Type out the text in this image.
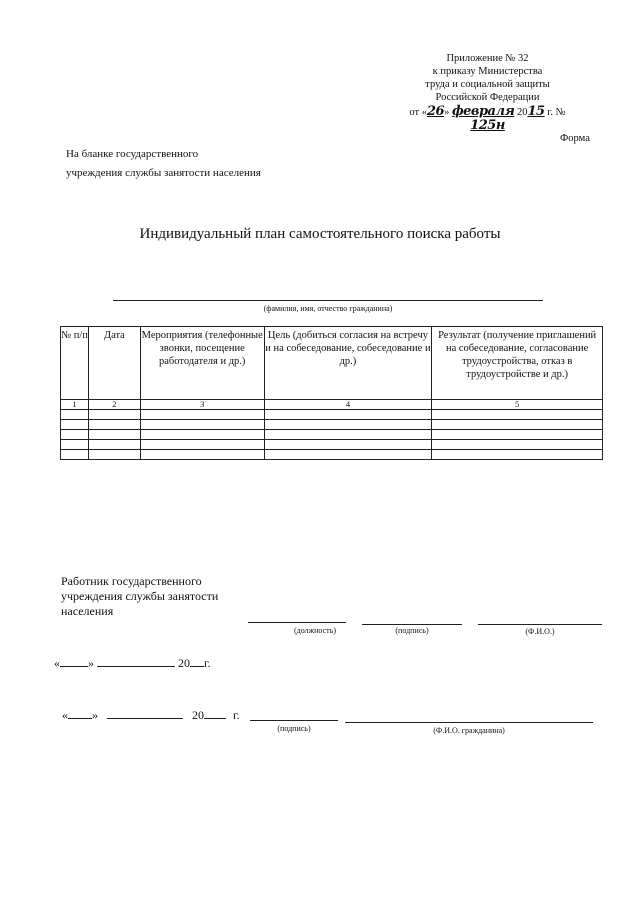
Приложение № 32
к приказу Министерства
труда и социальной защиты
Российской Федерации
от «26» февраля 2015 г. № 125н
Форма
На бланке государственного
учреждения службы занятости населения
Индивидуальный план самостоятельного поиска работы
(фамилия, имя, отчество гражданина)
№ п/п	Дата	Мероприятия (телефонные звонки, посещение работодателя и др.)	Цель (добиться согласия на встречу и на собеседование, собеседование и др.)	Результат (получение приглашений на собеседование, согласование трудоустройства, отказ в трудоустройстве и др.)
1	2	3	4	5

Работник государственного
учреждения службы занятости
населения
(должность)	(подпись)	(Ф.И.О.)
« »	20 г.
« »	20 г.
(подпись)	(Ф.И.О. гражданина)
